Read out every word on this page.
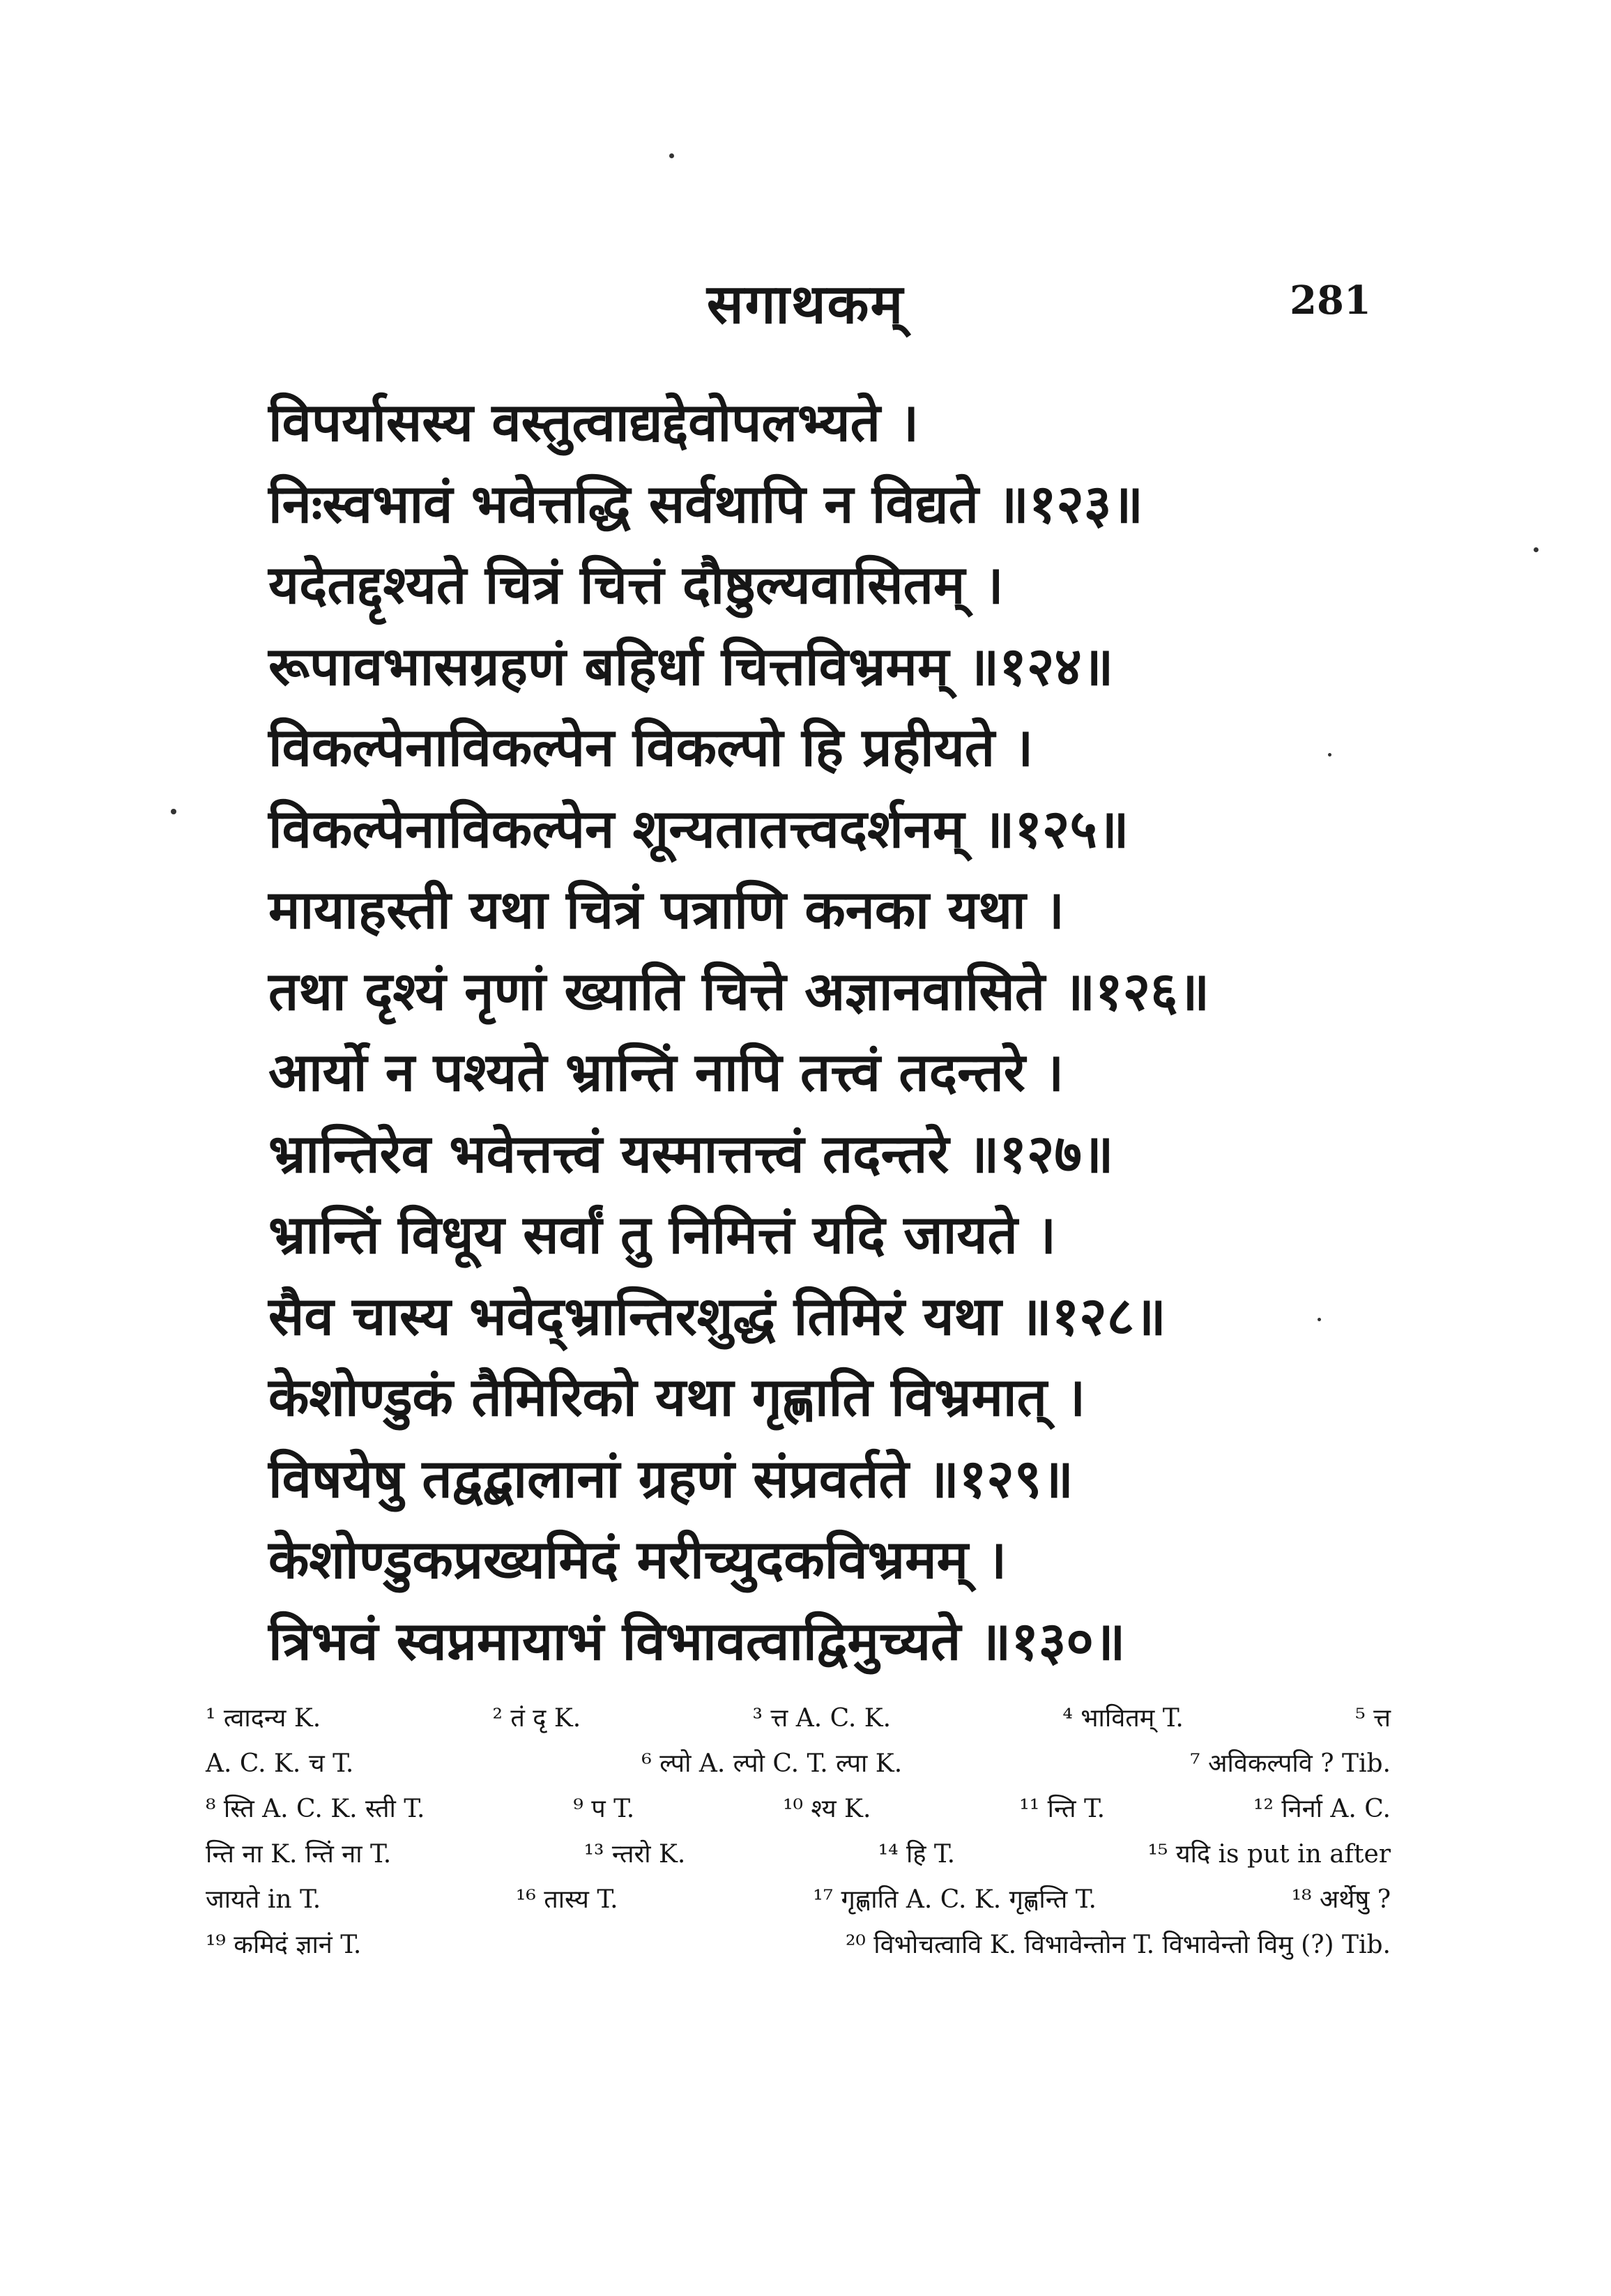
सगाथकम्	281
विपर्यासस्य वस्तुत्वाद्यद्देवोपलभ्यते ।
निःस्वभावं भवेत्तद्धि सर्वथापि न विद्यते ॥१२३॥
यदेतद्दृश्यते चित्रं चित्तं दौष्ठुल्यवासितम् ।
रूपावभासग्रहणं बहिर्धा चित्तविभ्रमम् ॥१२४॥
विकल्पेनाविकल्पेन विकल्पो हि प्रहीयते ।
विकल्पेनाविकल्पेन शून्यतातत्त्वदर्शनम् ॥१२५॥
मायाहस्ती यथा चित्रं पत्राणि कनका यथा ।
तथा दृश्यं नृणां ख्याति चित्ते अज्ञानवासिते ॥१२६॥
आर्यो न पश्यते भ्रान्तिं नापि तत्त्वं तदन्तरे ।
भ्रान्तिरेव भवेत्तत्त्वं यस्मात्तत्त्वं तदन्तरे ॥१२७॥
भ्रान्तिं विधूय सर्वां तु निमित्तं यदि जायते ।
सैव चास्य भवेद्भ्रान्तिरशुद्धं तिमिरं यथा ॥१२८॥
केशोण्डुकं तैमिरिको यथा गृह्णाति विभ्रमात् ।
विषयेषु तद्वद्बालानां ग्रहणं संप्रवर्तते ॥१२९॥
केशोण्डुकप्रख्यमिदं मरीच्युदकविभ्रमम् ।
त्रिभवं स्वप्नमायाभं विभावत्वाद्विमुच्यते ॥१३०॥
¹ त्वादन्य K.	² तं दृ K.	³ त्त A. C. K.	⁴ भावितम् T.	⁵ त्त
A. C. K. च T.	⁶ ल्पो A. ल्पो C. T. ल्पा K.	⁷ अविकल्पवि ? Tib.
⁸ स्ति A. C. K. स्ती T.	⁹ प T.	¹⁰ श्य K.	¹¹ न्ति T.	¹² निर्ना A. C.
न्ति ना K. न्तिं ना T.	¹³ न्तरो K.	¹⁴ हि T.	¹⁵ यदि is put in after
जायते in T.	¹⁶ तास्य T.	¹⁷ गृह्णाति A. C. K. गृह्णन्ति T.	¹⁸ अर्थेषु ?
¹⁹ कमिदं ज्ञानं T.	²⁰ विभोचत्वावि K. विभावेन्तोन T. विभावेन्तो विमु (?) Tib.
